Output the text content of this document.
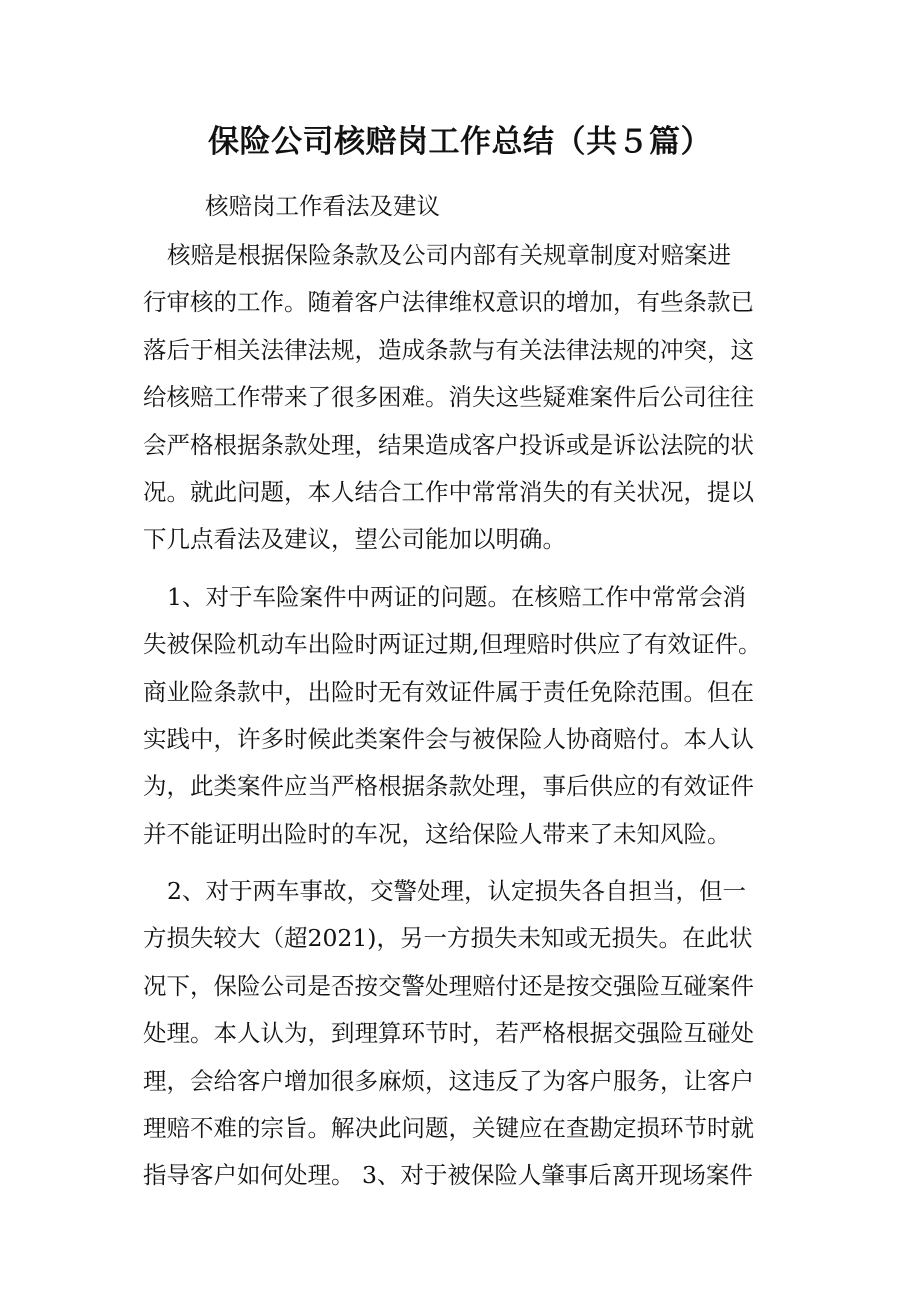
保险公司核赔岗工作总结（共５篇）

核赔岗工作看法及建议

核赔是根据保险条款及公司内部有关规章制度对赔案进
行审核的工作。随着客户法律维权意识的增加，有些条款已
落后于相关法律法规，造成条款与有关法律法规的冲突，这
给核赔工作带来了很多困难。消失这些疑难案件后公司往往
会严格根据条款处理，结果造成客户投诉或是诉讼法院的状
况。就此问题，本人结合工作中常常消失的有关状况，提以
下几点看法及建议，望公司能加以明确。
1、对于车险案件中两证的问题。在核赔工作中常常会消
失被保险机动车出险时两证过期,但理赔时供应了有效证件。
商业险条款中，出险时无有效证件属于责任免除范围。但在
实践中，许多时候此类案件会与被保险人协商赔付。本人认
为，此类案件应当严格根据条款处理，事后供应的有效证件
并不能证明出险时的车况，这给保险人带来了未知风险。
2、对于两车事故，交警处理，认定损失各自担当，但一
方损失较大（超2021)，另一方损失未知或无损失。在此状
况下，保险公司是否按交警处理赔付还是按交强险互碰案件
处理。本人认为，到理算环节时，若严格根据交强险互碰处
理，会给客户增加很多麻烦，这违反了为客户服务，让客户
理赔不难的宗旨。解决此问题，关键应在查勘定损环节时就
指导客户如何处理。 3、对于被保险人肇事后离开现场案件
